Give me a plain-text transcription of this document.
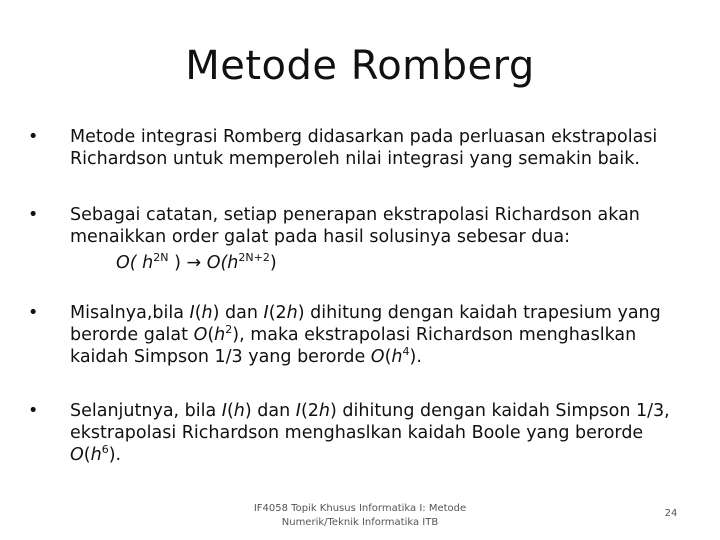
Metode Romberg
•	Metode integrasi Romberg didasarkan pada perluasan ekstrapolasi Richardson untuk memperoleh nilai integrasi yang semakin baik.
•	Sebagai catatan, setiap penerapan ekstrapolasi Richardson akan menaikkan order galat pada hasil solusinya sebesar dua:
O( $h^{2N}$ ) → $O(h^{2N+2})$
•	Misalnya,bila I(h) dan I(2h) dihitung dengan kaidah trapesium yang berorde galat $O(h^2)$, maka ekstrapolasi Richardson menghaslkan kaidah Simpson 1/3 yang berorde $O(h^4)$.
•	Selanjutnya, bila I(h) dan I(2h) dihitung dengan kaidah Simpson 1/3, ekstrapolasi Richardson menghaslkan kaidah Boole yang berorde $O(h^6)$.
IF4058 Topik Khusus Informatika I: Metode Numerik/Teknik Informatika ITB
24
